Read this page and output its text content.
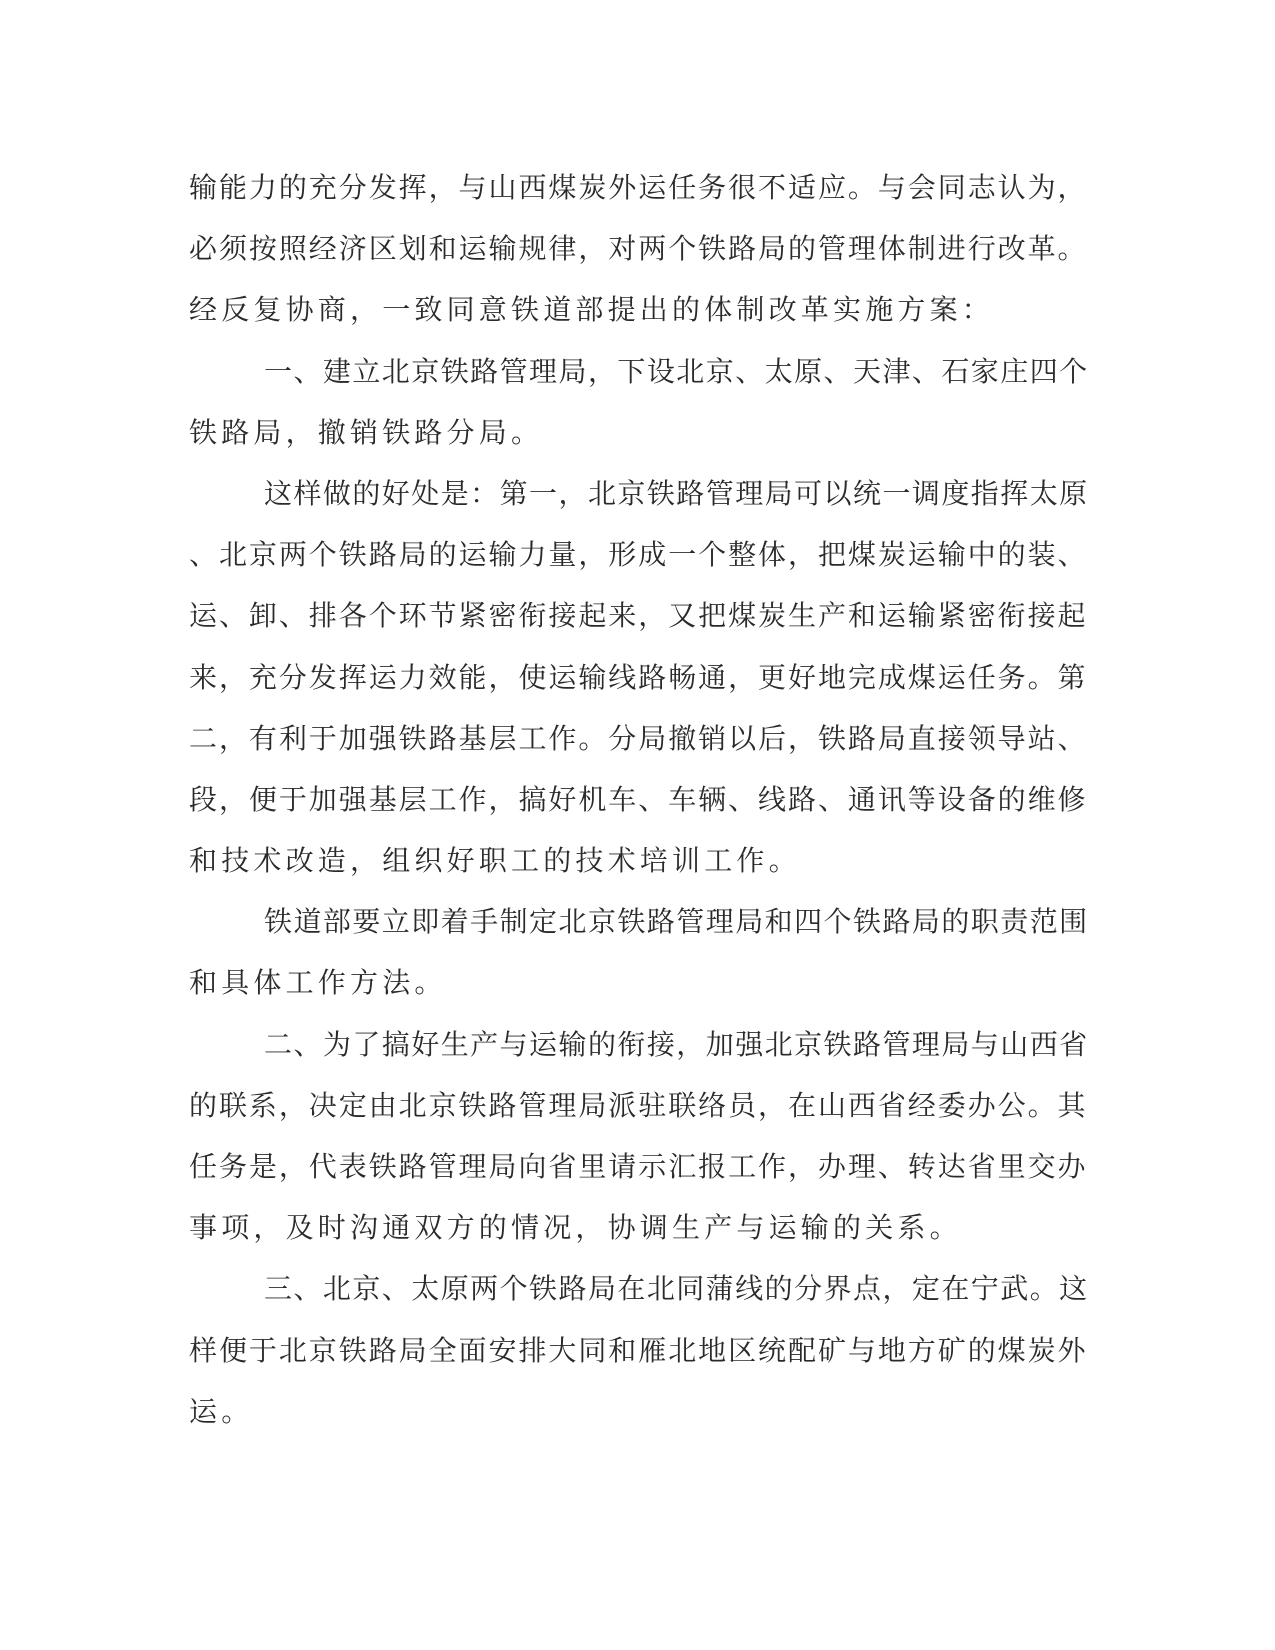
输能力的充分发挥，与山西煤炭外运任务很不适应。与会同志认为，
必须按照经济区划和运输规律，对两个铁路局的管理体制进行改革。
经反复协商，一致同意铁道部提出的体制改革实施方案：
一、建立北京铁路管理局，下设北京、太原、天津、石家庄四个
铁路局，撤销铁路分局。
这样做的好处是：第一，北京铁路管理局可以统一调度指挥太原
、北京两个铁路局的运输力量，形成一个整体，把煤炭运输中的装、
运、卸、排各个环节紧密衔接起来，又把煤炭生产和运输紧密衔接起
来，充分发挥运力效能，使运输线路畅通，更好地完成煤运任务。第
二，有利于加强铁路基层工作。分局撤销以后，铁路局直接领导站、
段，便于加强基层工作，搞好机车、车辆、线路、通讯等设备的维修
和技术改造，组织好职工的技术培训工作。
铁道部要立即着手制定北京铁路管理局和四个铁路局的职责范围
和具体工作方法。
二、为了搞好生产与运输的衔接，加强北京铁路管理局与山西省
的联系，决定由北京铁路管理局派驻联络员，在山西省经委办公。其
任务是，代表铁路管理局向省里请示汇报工作，办理、转达省里交办
事项，及时沟通双方的情况，协调生产与运输的关系。
三、北京、太原两个铁路局在北同蒲线的分界点，定在宁武。这
样便于北京铁路局全面安排大同和雁北地区统配矿与地方矿的煤炭外
运。
